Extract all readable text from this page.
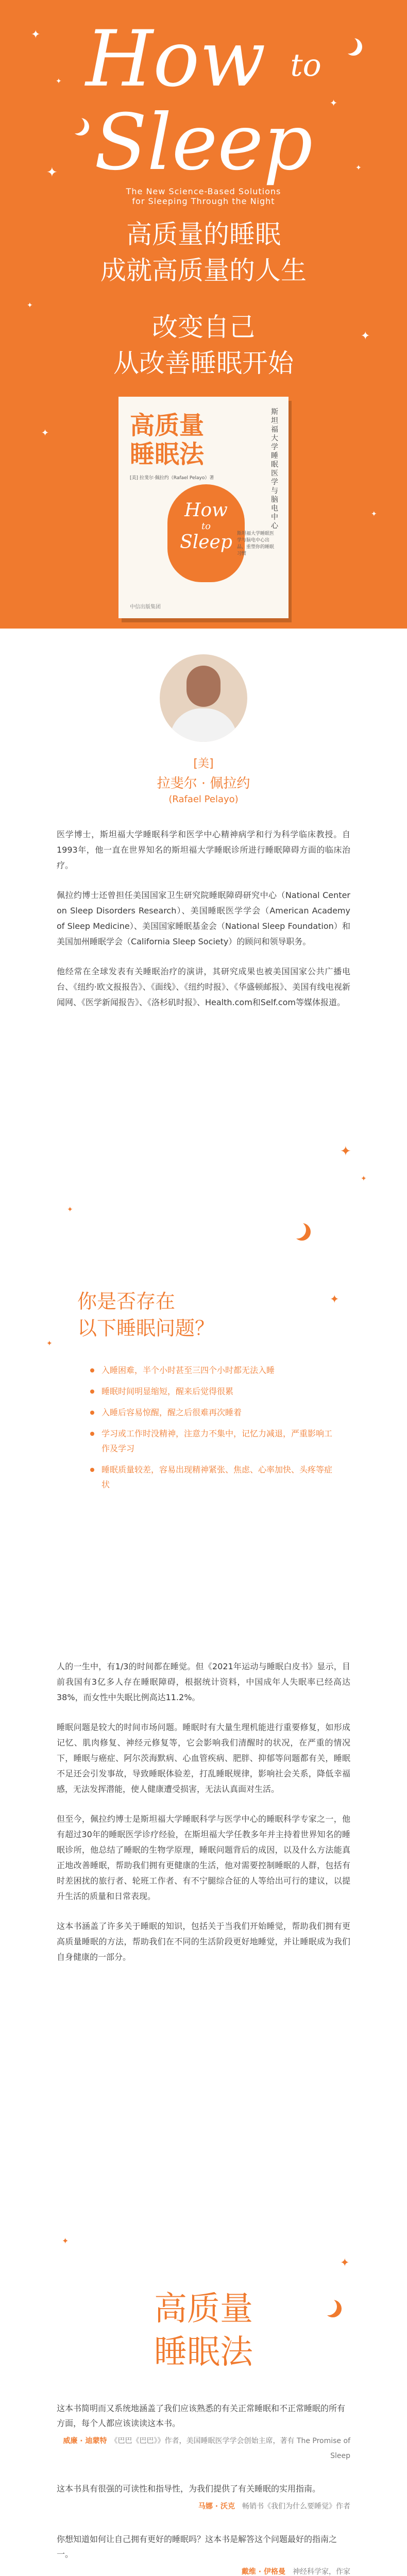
✦
✦
✦
✦
✦
✦
✦
✦
✦
How to
Sleep
The New Science-Based Solutions
for Sleeping Through the Night
高质量的睡眠
成就高质量的人生
改变自己
从改善睡眠开始
高质量
睡眠法
斯坦福大学睡眠医学与脑电中心
[美] 拉斐尔·佩拉约（Rafael Pelayo）著
How
to
Sleep	斯坦福大学睡眠医学与脑电中心出品，重塑你的睡眠习惯
中信出版集团
[美]
拉斐尔 · 佩拉约
(Rafael Pelayo)

医学博士，斯坦福大学睡眠科学和医学中心精神病学和行为科学临床教授。自1993年，他一直在世界知名的斯坦福大学睡眠诊所进行睡眠障碍方面的临床治疗。

佩拉约博士还曾担任美国国家卫生研究院睡眠障碍研究中心（National Center on Sleep Disorders Research）、美国睡眠医学学会（American Academy of Sleep Medicine）、美国国家睡眠基金会（National Sleep Foundation）和美国加州睡眠学会（California Sleep Society）的顾问和领导职务。

他经常在全球发表有关睡眠治疗的演讲，其研究成果也被美国国家公共广播电台、《纽约·欧文报报告》、《面线》、《纽约时报》、《华盛顿邮报》、美国有线电视新闻网、《医学新闻报告》、《洛杉矶时报》、Health.com和Self.com等媒体报道。

✦
✦
✦
你是否存在
以下睡眠问题？
入睡困难，半个小时甚至三四个小时都无法入睡
睡眠时间明显缩短，醒来后觉得很累
入睡后容易惊醒，醒之后很难再次睡着
学习或工作时没精神，注意力不集中，记忆力减退，严重影响工作及学习
睡眠质量较差，容易出现精神紧张、焦虑、心率加快、头疼等症状
✦
✦

人的一生中，有1/3的时间都在睡觉。但《2021年运动与睡眠白皮书》显示，目前我国有3亿多人存在睡眠障碍，根据统计资料，中国成年人失眠率已经高达38%，而女性中失眠比例高达11.2%。

睡眠问题是较大的时间市场问题。睡眠时有大量生理机能进行重要修复，如形成记忆、肌肉修复、神经元修复等，它会影响我们清醒时的状况，在严重的情况下，睡眠与癌症、阿尔茨海默病、心血管疾病、肥胖、抑郁等问题都有关，睡眠不足还会引发事故，导致睡眠体验差，打乱睡眠规律，影响社会关系，降低幸福感，无法发挥潜能，使人健康遭受损害，无法认真面对生活。

但至今，佩拉约博士是斯坦福大学睡眠科学与医学中心的睡眠科学专家之一，他有超过30年的睡眠医学诊疗经验，在斯坦福大学任教多年并主持着世界知名的睡眠诊所，他总结了睡眠的生物学原理，睡眠问题背后的成因，以及什么方法能真正地改善睡眠，帮助我们拥有更健康的生活，他对需要控制睡眠的人群，包括有时差困扰的旅行者、轮班工作者、有不宁腿综合征的人等给出可行的建议，以提升生活的质量和日常表现。

这本书涵盖了许多关于睡眠的知识，包括关于当我们开始睡觉，帮助我们拥有更高质量睡眠的方法，帮助我们在不同的生活阶段更好地睡觉，并让睡眠成为我们自身健康的一部分。

✦
✦
高质量
睡眠法

这本书简明而又系统地涵盖了我们应该熟悉的有关正常睡眠和不正常睡眠的所有方面，每个人都应该读读这本书。

威廉 · 迪蒙特　 《巴巴《巴巴》》作者，美国睡眠医学学会创始主席，著有 The Promise of Sleep

这本书具有很强的可读性和指导性，为我们提供了有关睡眠的实用指南。

马娜 · 沃克　 畅销书《我们为什么要睡觉》作者

你想知道如何让自己拥有更好的睡眠吗？这本书是解答这个问题最好的指南之一。

戴维 · 伊格曼　 神经科学家，作家
